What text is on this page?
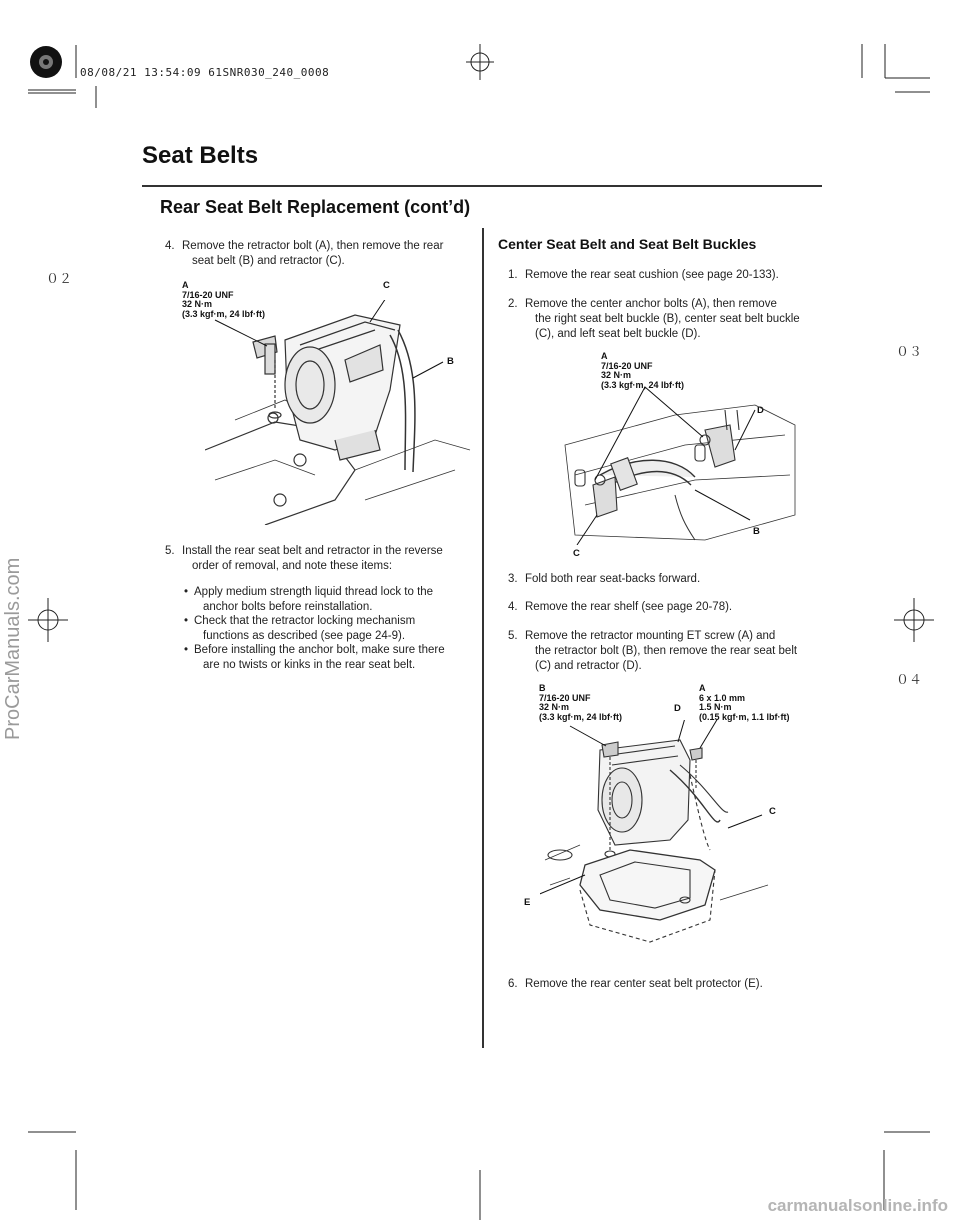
08/08/21 13:54:09 61SNR030_240_0008
Seat Belts
Rear Seat Belt Replacement (cont’d)
4. Remove the retractor bolt (A), then remove the rear
seat belt (B) and retractor (C).
A
7/16-20 UNF
32 N·m
(3.3 kgf·m, 24 lbf·ft)
C
B
5. Install the rear seat belt and retractor in the reverse
order of removal, and note these items:
• Apply medium strength liquid thread lock to the
anchor bolts before reinstallation.
• Check that the retractor locking mechanism
functions as described (see page 24-9).
• Before installing the anchor bolt, make sure there
are no twists or kinks in the rear seat belt.
Center Seat Belt and Seat Belt Buckles
1. Remove the rear seat cushion (see page 20-133).
2. Remove the center anchor bolts (A), then remove
the right seat belt buckle (B), center seat belt buckle
(C), and left seat belt buckle (D).
A
7/16-20 UNF
32 N·m
(3.3 kgf·m, 24 lbf·ft)
D
B
C
3. Fold both rear seat-backs forward.
4. Remove the rear shelf (see page 20-78).
5. Remove the retractor mounting ET screw (A) and
the retractor bolt (B), then remove the rear seat belt
(C) and retractor (D).
B
7/16-20 UNF
32 N·m
(3.3 kgf·m, 24 lbf·ft)
A
6 x 1.0 mm
1.5 N·m
(0.15 kgf·m, 1.1 lbf·ft)
D
C
E
6. Remove the rear center seat belt protector (E).
０２
０３
０４
ProCarManuals.com
carmanualsonline.info
